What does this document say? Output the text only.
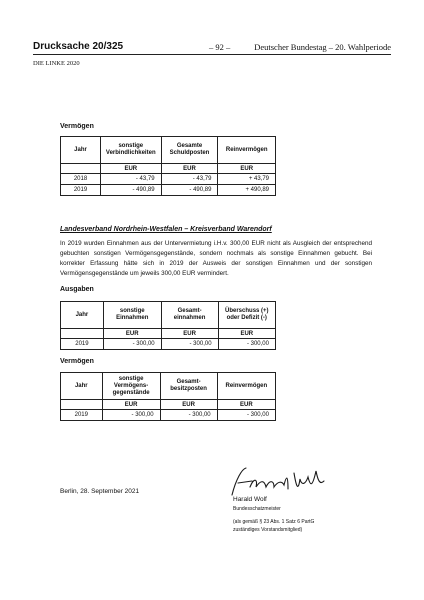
Drucksache 20/325	– 92 –	Deutscher Bundestag – 20. Wahlperiode
DIE LINKE 2020
Vermögen
Jahr	sonstige Verbindlichkeiten	Gesamte Schuldposten	Reinvermögen
	EUR	EUR	EUR
2018	- 43,79	- 43,79	+ 43,79
2019	- 490,89	- 490,89	+ 490,89
Landesverband Nordrhein-Westfalen – Kreisverband Warendorf
In 2019 wurden Einnahmen aus der Untervermietung i.H.v. 300,00 EUR nicht als Ausgleich der entsprechend gebuchten sonstigen Vermögensgegenstände, sondern nochmals als sonstige Einnahmen gebucht. Bei korrekter Erfassung hätte sich in 2019 der Ausweis der sonstigen Einnahmen und der sonstigen Vermögensgegenstände um jeweils 300,00 EUR vermindert.
Ausgaben
Jahr	sonstige Einnahmen	Gesamt-einnahmen	Überschuss (+) oder Defizit (-)
	EUR	EUR	EUR
2019	- 300,00	- 300,00	- 300,00
Vermögen
Jahr	sonstige Vermögens-gegenstände	Gesamt-besitzposten	Reinvermögen
	EUR	EUR	EUR
2019	- 300,00	- 300,00	- 300,00
Berlin, 28. September 2021
Harald Wolf
Bundesschatzmeister
(als gemäß § 23 Abs. 1 Satz 6 PartG zuständiges Vorstandsmitglied)
